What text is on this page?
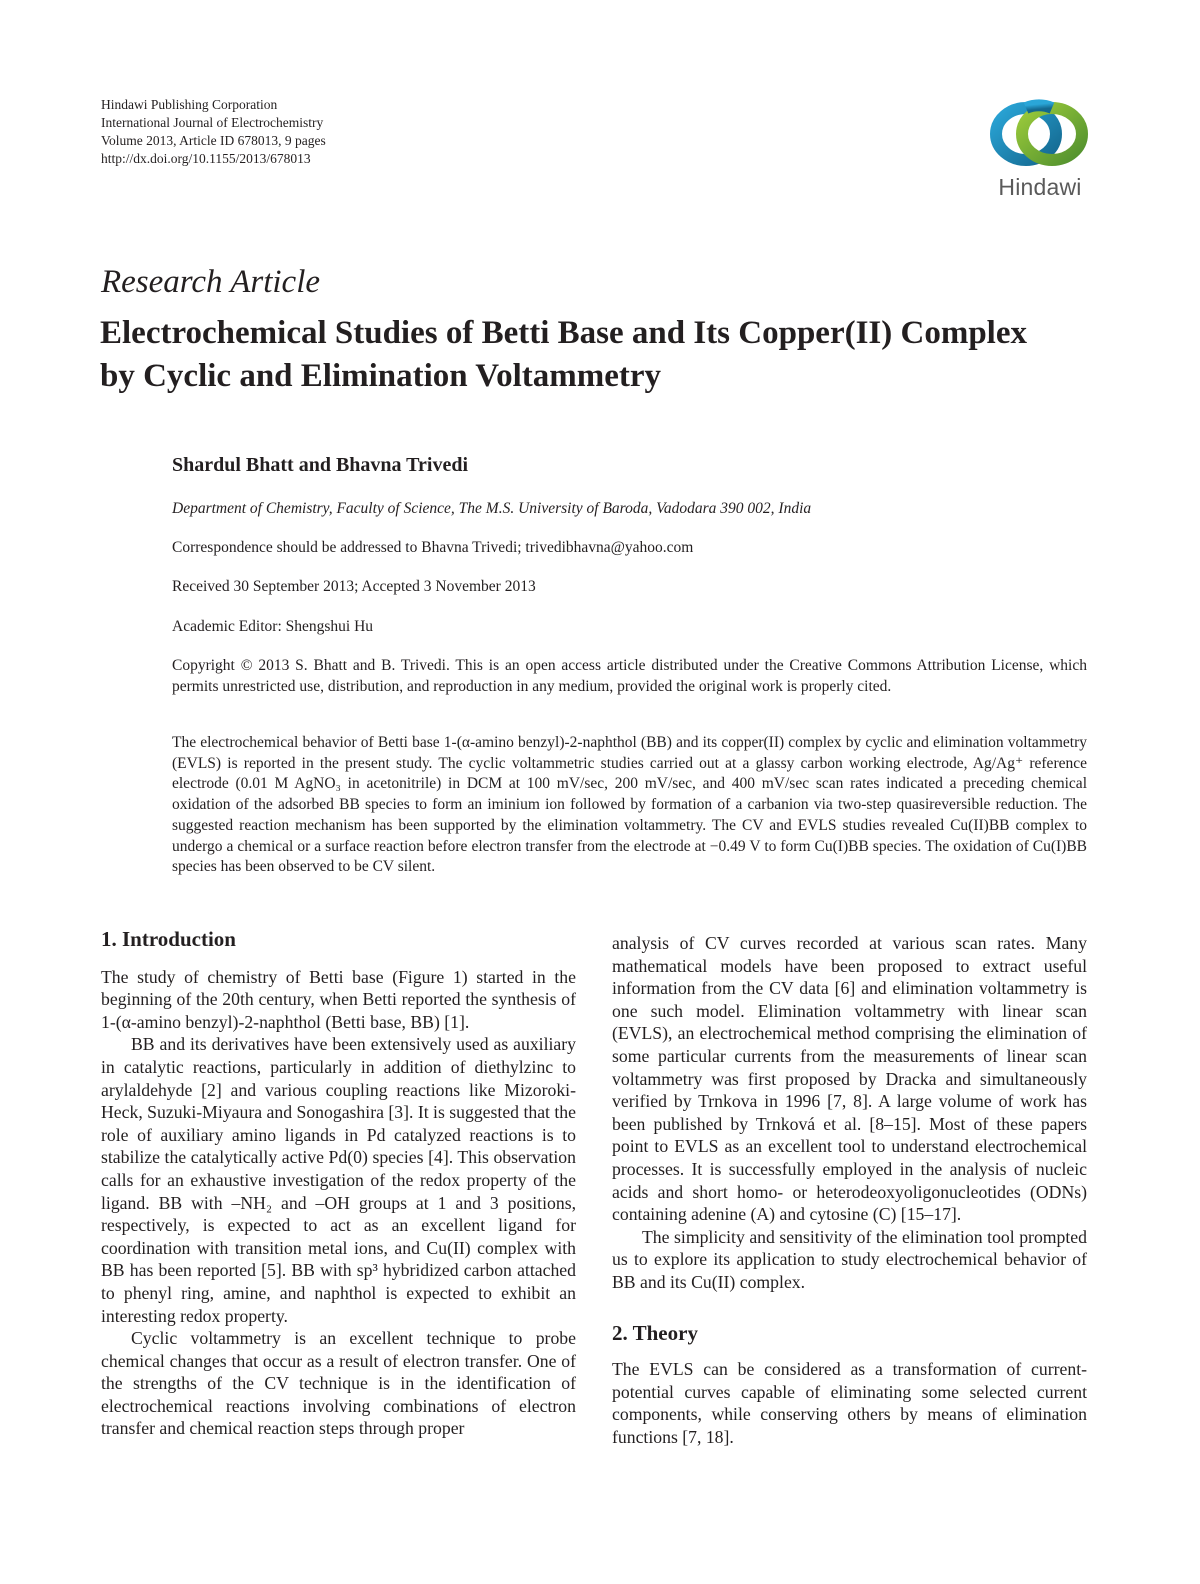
Hindawi Publishing Corporation
International Journal of Electrochemistry
Volume 2013, Article ID 678013, 9 pages
http://dx.doi.org/10.1155/2013/678013
Hindawi
Research Article
Electrochemical Studies of Betti Base and Its Copper(II) Complex by Cyclic and Elimination Voltammetry
Shardul Bhatt and Bhavna Trivedi
Department of Chemistry, Faculty of Science, The M.S. University of Baroda, Vadodara 390 002, India
Correspondence should be addressed to Bhavna Trivedi; trivedibhavna@yahoo.com
Received 30 September 2013; Accepted 3 November 2013
Academic Editor: Shengshui Hu
Copyright © 2013 S. Bhatt and B. Trivedi. This is an open access article distributed under the Creative Commons Attribution License, which permits unrestricted use, distribution, and reproduction in any medium, provided the original work is properly cited.
The electrochemical behavior of Betti base 1-(α-amino benzyl)-2-naphthol (BB) and its copper(II) complex by cyclic and elimination voltammetry (EVLS) is reported in the present study. The cyclic voltammetric studies carried out at a glassy carbon working electrode, Ag/Ag⁺ reference electrode (0.01 M AgNO₃ in acetonitrile) in DCM at 100 mV/sec, 200 mV/sec, and 400 mV/sec scan rates indicated a preceding chemical oxidation of the adsorbed BB species to form an iminium ion followed by formation of a carbanion via two-step quasireversible reduction. The suggested reaction mechanism has been supported by the elimination voltammetry. The CV and EVLS studies revealed Cu(II)BB complex to undergo a chemical or a surface reaction before electron transfer from the electrode at −0.49 V to form Cu(I)BB species. The oxidation of Cu(I)BB species has been observed to be CV silent.
1. Introduction

The study of chemistry of Betti base (Figure 1) started in the beginning of the 20th century, when Betti reported the synthesis of 1-(α-amino benzyl)-2-naphthol (Betti base, BB) [1].

BB and its derivatives have been extensively used as auxiliary in catalytic reactions, particularly in addition of diethylzinc to arylaldehyde [2] and various coupling reactions like Mizoroki-Heck, Suzuki-Miyaura and Sonogashira [3]. It is suggested that the role of auxiliary amino ligands in Pd catalyzed reactions is to stabilize the catalytically active Pd(0) species [4]. This observation calls for an exhaustive investigation of the redox property of the ligand. BB with –NH₂ and –OH groups at 1 and 3 positions, respectively, is expected to act as an excellent ligand for coordination with transition metal ions, and Cu(II) complex with BB has been reported [5]. BB with sp³ hybridized carbon attached to phenyl ring, amine, and naphthol is expected to exhibit an interesting redox property.

Cyclic voltammetry is an excellent technique to probe chemical changes that occur as a result of electron transfer. One of the strengths of the CV technique is in the identification of electrochemical reactions involving combinations of electron transfer and chemical reaction steps through proper

analysis of CV curves recorded at various scan rates. Many mathematical models have been proposed to extract useful information from the CV data [6] and elimination voltammetry is one such model. Elimination voltammetry with linear scan (EVLS), an electrochemical method comprising the elimination of some particular currents from the measurements of linear scan voltammetry was first proposed by Dracka and simultaneously verified by Trnkova in 1996 [7, 8]. A large volume of work has been published by Trnková et al. [8–15]. Most of these papers point to EVLS as an excellent tool to understand electrochemical processes. It is successfully employed in the analysis of nucleic acids and short homo- or heterodeoxyoligonucleotides (ODNs) containing adenine (A) and cytosine (C) [15–17].

The simplicity and sensitivity of the elimination tool prompted us to explore its application to study electrochemical behavior of BB and its Cu(II) complex.

2. Theory

The EVLS can be considered as a transformation of current-potential curves capable of eliminating some selected current components, while conserving others by means of elimination functions [7, 18].
